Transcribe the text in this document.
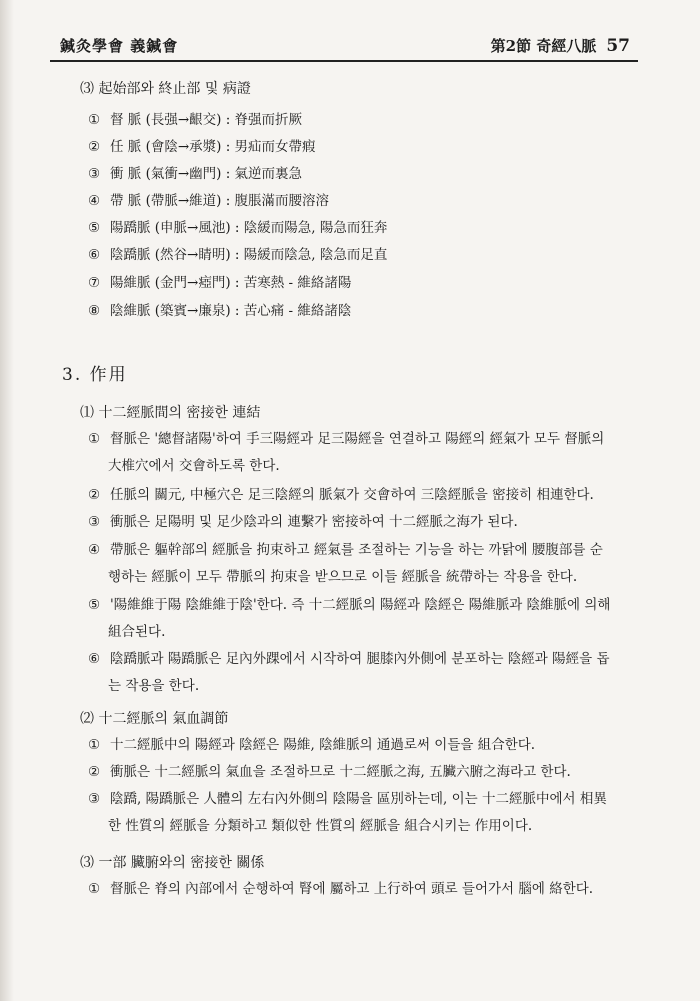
鍼灸學會 義鍼會	第2節 奇經八脈 57
⑶ 起始部와 終止部 및 病證
① 督 脈 (長强→齦交) : 脊强而折厥
② 任 脈 (會陰→承漿) : 男疝而女帶瘕
③ 衝 脈 (氣衝→幽門) : 氣逆而裏急
④ 帶 脈 (帶脈→維道) : 腹脹滿而腰溶溶
⑤ 陽蹻脈 (申脈→風池) : 陰緩而陽急, 陽急而狂奔
⑥ 陰蹻脈 (然谷→睛明) : 陽緩而陰急, 陰急而足直
⑦ 陽維脈 (金門→瘂門) : 苦寒熱 - 維絡諸陽
⑧ 陰維脈 (築賓→廉泉) : 苦心痛 - 維絡諸陰
3. 作用
⑴ 十二經脈間의 密接한 連結
① 督脈은 '總督諸陽'하여 手三陽經과 足三陽經을 연결하고 陽經의 經氣가 모두 督脈의
大椎穴에서 交會하도록 한다.
② 任脈의 關元, 中極穴은 足三陰經의 脈氣가 交會하여 三陰經脈을 密接히 相連한다.
③ 衝脈은 足陽明 및 足少陰과의 連繫가 密接하여 十二經脈之海가 된다.
④ 帶脈은 軀幹部의 經脈을 拘束하고 經氣를 조절하는 기능을 하는 까닭에 腰腹部를 순
행하는 經脈이 모두 帶脈의 拘束을 받으므로 이들 經脈을 統帶하는 작용을 한다.
⑤ '陽維維于陽 陰維維于陰'한다. 즉 十二經脈의 陽經과 陰經은 陽維脈과 陰維脈에 의해
組合된다.
⑥ 陰蹻脈과 陽蹻脈은 足內外踝에서 시작하여 腿膝內外側에 분포하는 陰經과 陽經을 돕
는 작용을 한다.
⑵ 十二經脈의 氣血調節
① 十二經脈中의 陽經과 陰經은 陽維, 陰維脈의 通過로써 이들을 組合한다.
② 衝脈은 十二經脈의 氣血을 조절하므로 十二經脈之海, 五臟六腑之海라고 한다.
③ 陰蹻, 陽蹻脈은 人體의 左右內外側의 陰陽을 區別하는데, 이는 十二經脈中에서 相異
한 性質의 經脈을 分類하고 類似한 性質의 經脈을 組合시키는 作用이다.
⑶ 一部 臟腑와의 密接한 關係
① 督脈은 脊의 內部에서 순행하여 腎에 屬하고 上行하여 頭로 들어가서 腦에 絡한다.
